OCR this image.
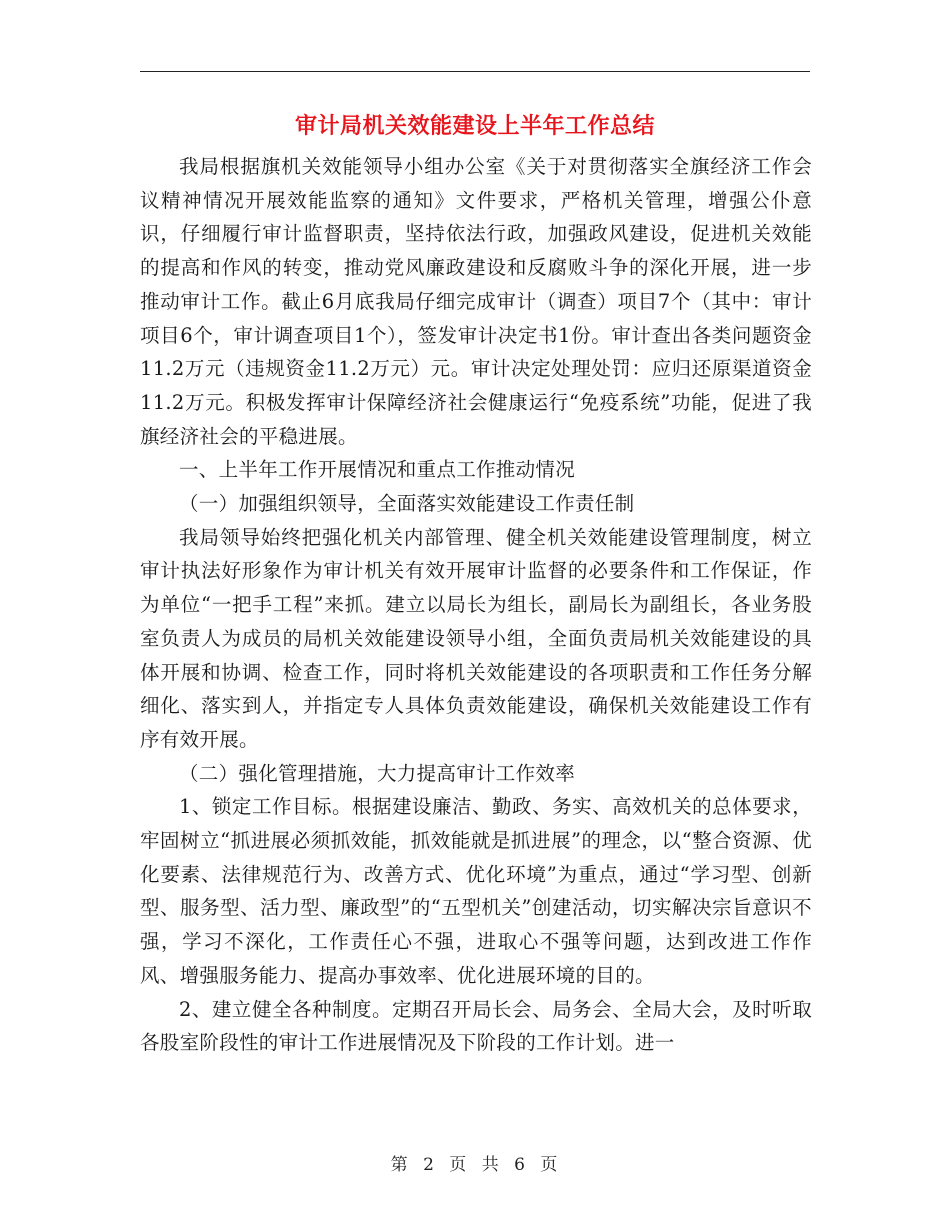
审计局机关效能建设上半年工作总结

我局根据旗机关效能领导小组办公室《关于对贯彻落实全旗经济工作会议精神情况开展效能监察的通知》文件要求，严格机关管理，增强公仆意识，仔细履行审计监督职责，坚持依法行政，加强政风建设，促进机关效能的提高和作风的转变，推动党风廉政建设和反腐败斗争的深化开展，进一步推动审计工作。截止6月底我局仔细完成审计（调查）项目7个（其中：审计项目6个，审计调查项目1个），签发审计决定书1份。审计查出各类问题资金11.2万元（违规资金11.2万元）元。审计决定处理处罚：应归还原渠道资金11.2万元。积极发挥审计保障经济社会健康运行“免疫系统”功能，促进了我旗经济社会的平稳进展。

一、上半年工作开展情况和重点工作推动情况

（一）加强组织领导，全面落实效能建设工作责任制

我局领导始终把强化机关内部管理、健全机关效能建设管理制度，树立审计执法好形象作为审计机关有效开展审计监督的必要条件和工作保证，作为单位“一把手工程”来抓。建立以局长为组长，副局长为副组长，各业务股室负责人为成员的局机关效能建设领导小组，全面负责局机关效能建设的具体开展和协调、检查工作，同时将机关效能建设的各项职责和工作任务分解细化、落实到人，并指定专人具体负责效能建设，确保机关效能建设工作有序有效开展。

（二）强化管理措施，大力提高审计工作效率

1、锁定工作目标。根据建设廉洁、勤政、务实、高效机关的总体要求，牢固树立“抓进展必须抓效能，抓效能就是抓进展”的理念，以“整合资源、优化要素、法律规范行为、改善方式、优化环境”为重点，通过“学习型、创新型、服务型、活力型、廉政型”的“五型机关”创建活动，切实解决宗旨意识不强，学习不深化，工作责任心不强，进取心不强等问题，达到改进工作作风、增强服务能力、提高办事效率、优化进展环境的目的。

2、建立健全各种制度。定期召开局长会、局务会、全局大会，及时听取各股室阶段性的审计工作进展情况及下阶段的工作计划。进一

第 2 页 共 6 页
